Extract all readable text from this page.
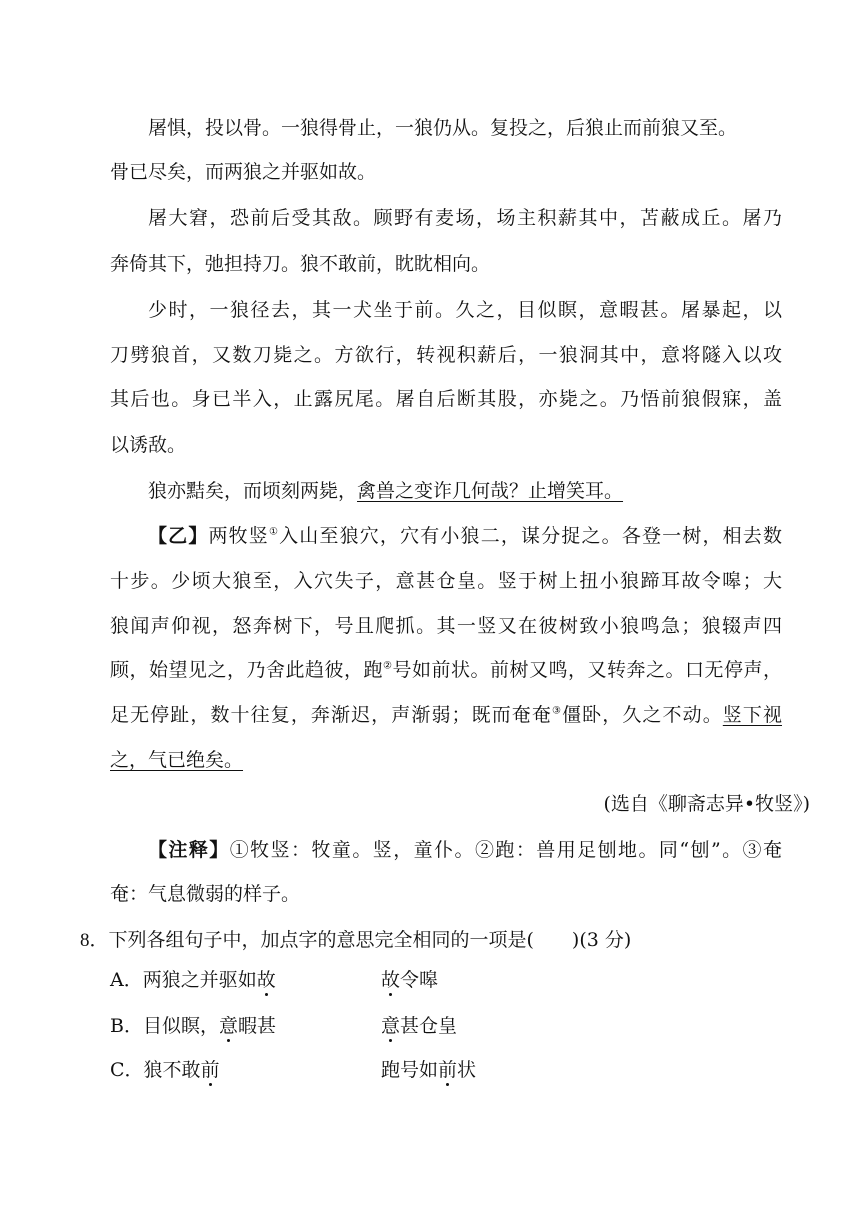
屠惧，投以骨。一狼得骨止，一狼仍从。复投之，后狼止而前狼又至。
骨已尽矣，而两狼之并驱如故。
屠大窘，恐前后受其敌。顾野有麦场，场主积薪其中，苫蔽成丘。屠乃
奔倚其下，弛担持刀。狼不敢前，眈眈相向。
少时，一狼径去，其一犬坐于前。久之，目似瞑，意暇甚。屠暴起，以
刀劈狼首，又数刀毙之。方欲行，转视积薪后，一狼洞其中，意将隧入以攻
其后也。身已半入，止露尻尾。屠自后断其股，亦毙之。乃悟前狼假寐，盖
以诱敌。
狼亦黠矣，而顷刻两毙，禽兽之变诈几何哉？止增笑耳。
【乙】两牧竖①入山至狼穴，穴有小狼二，谋分捉之。各登一树，相去数
十步。少顷大狼至，入穴失子，意甚仓皇。竖于树上扭小狼蹄耳故令嗥；大
狼闻声仰视，怒奔树下，号且爬抓。其一竖又在彼树致小狼鸣急；狼辍声四
顾，始望见之，乃舍此趋彼，跑②号如前状。前树又鸣，又转奔之。口无停声，
足无停趾，数十往复，奔渐迟，声渐弱；既而奄奄③僵卧，久之不动。竖下视
之，气已绝矣。
(选自《聊斋志异•牧竖》)
【注释】①牧竖：牧童。竖，童仆。②跑：兽用足刨地。同“刨”。③奄
奄：气息微弱的样子。
8．下列各组句子中，加点字的意思完全相同的一项是(　　)(3 分)
A．两狼之并驱如故	故令嗥
B．目似瞑，意暇甚	意甚仓皇
C．狼不敢前	跑号如前状
